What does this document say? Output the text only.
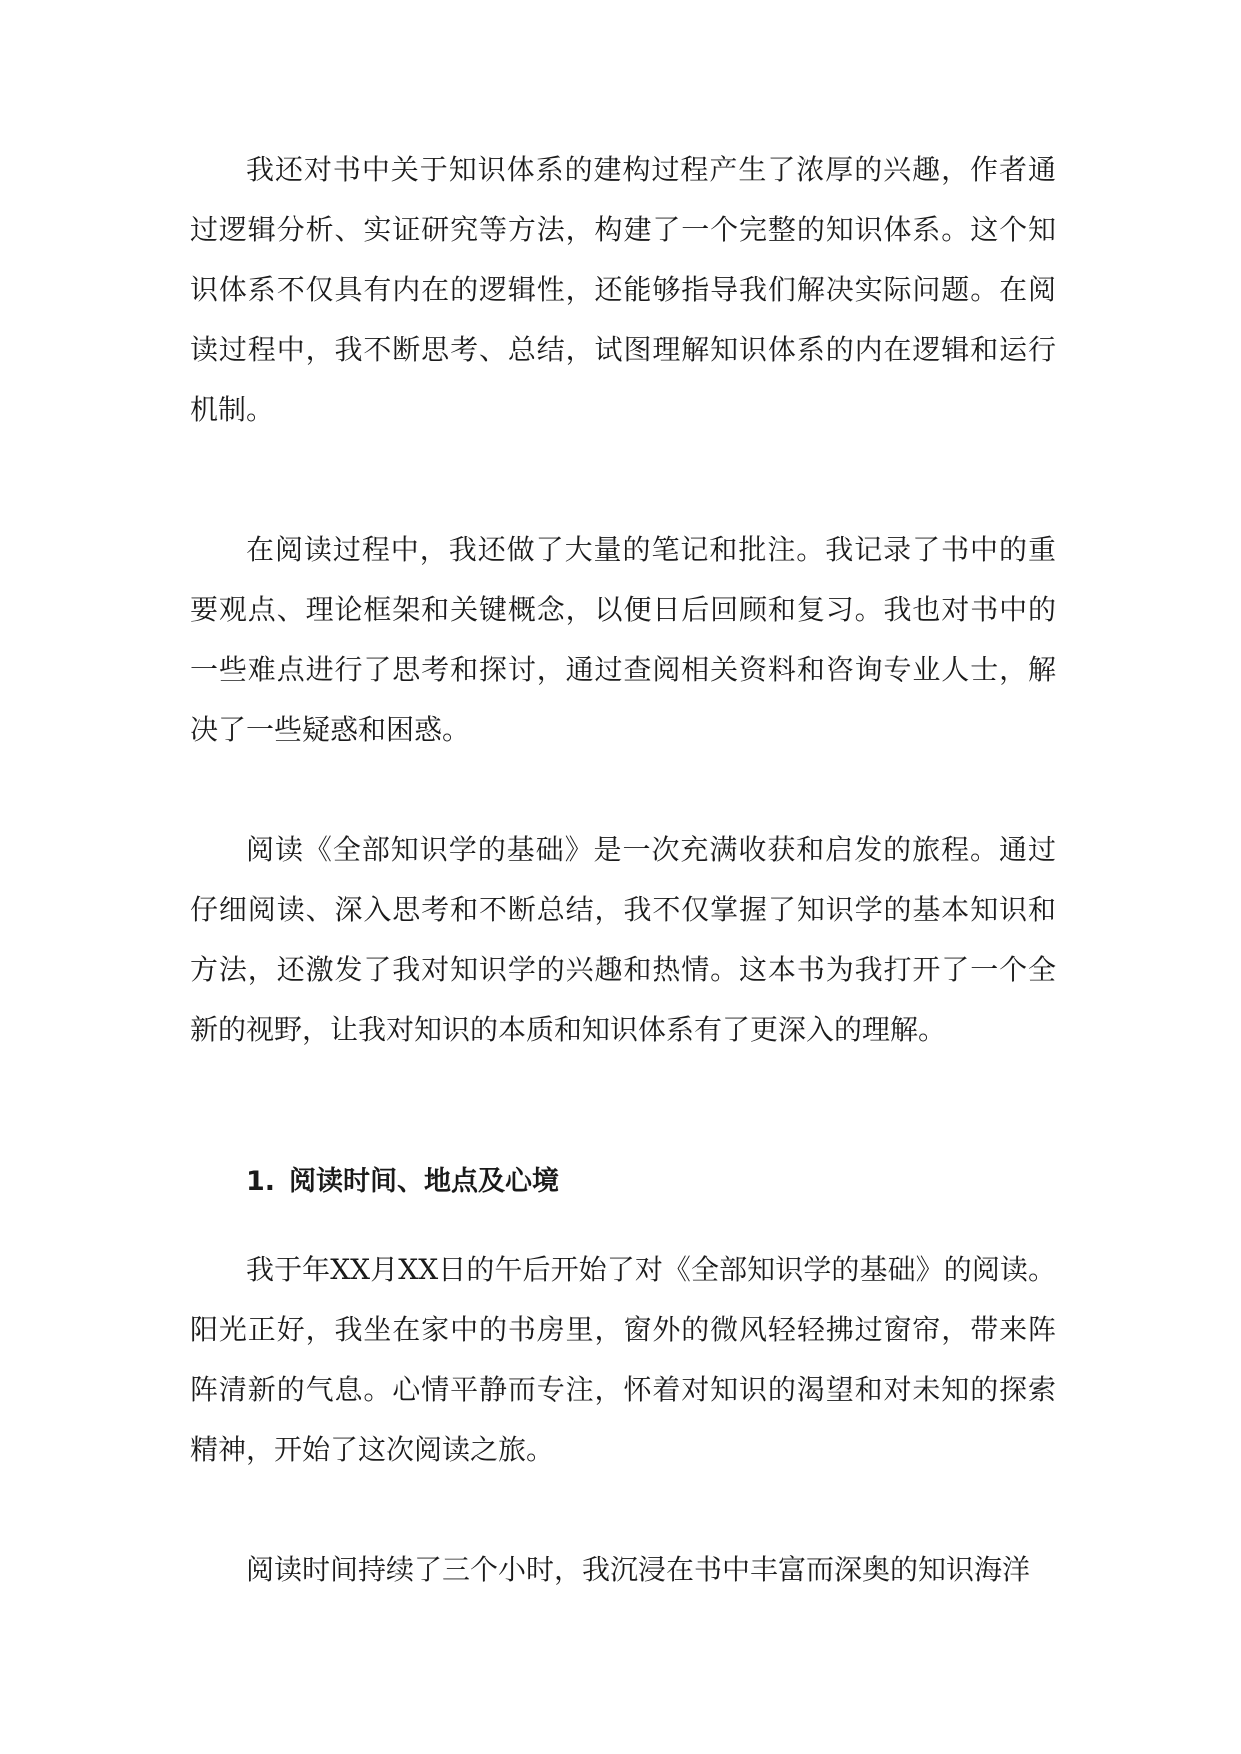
我还对书中关于知识体系的建构过程产生了浓厚的兴趣，作者通过逻辑分析、实证研究等方法，构建了一个完整的知识体系。这个知识体系不仅具有内在的逻辑性，还能够指导我们解决实际问题。在阅读过程中，我不断思考、总结，试图理解知识体系的内在逻辑和运行机制。

在阅读过程中，我还做了大量的笔记和批注。我记录了书中的重要观点、理论框架和关键概念，以便日后回顾和复习。我也对书中的一些难点进行了思考和探讨，通过查阅相关资料和咨询专业人士，解决了一些疑惑和困惑。

阅读《全部知识学的基础》是一次充满收获和启发的旅程。通过仔细阅读、深入思考和不断总结，我不仅掌握了知识学的基本知识和方法，还激发了我对知识学的兴趣和热情。这本书为我打开了一个全新的视野，让我对知识的本质和知识体系有了更深入的理解。

1. 阅读时间、地点及心境

我于年XX月XX日的午后开始了对《全部知识学的基础》的阅读。阳光正好，我坐在家中的书房里，窗外的微风轻轻拂过窗帘，带来阵阵清新的气息。心情平静而专注，怀着对知识的渴望和对未知的探索精神，开始了这次阅读之旅。

阅读时间持续了三个小时，我沉浸在书中丰富而深奥的知识海洋
